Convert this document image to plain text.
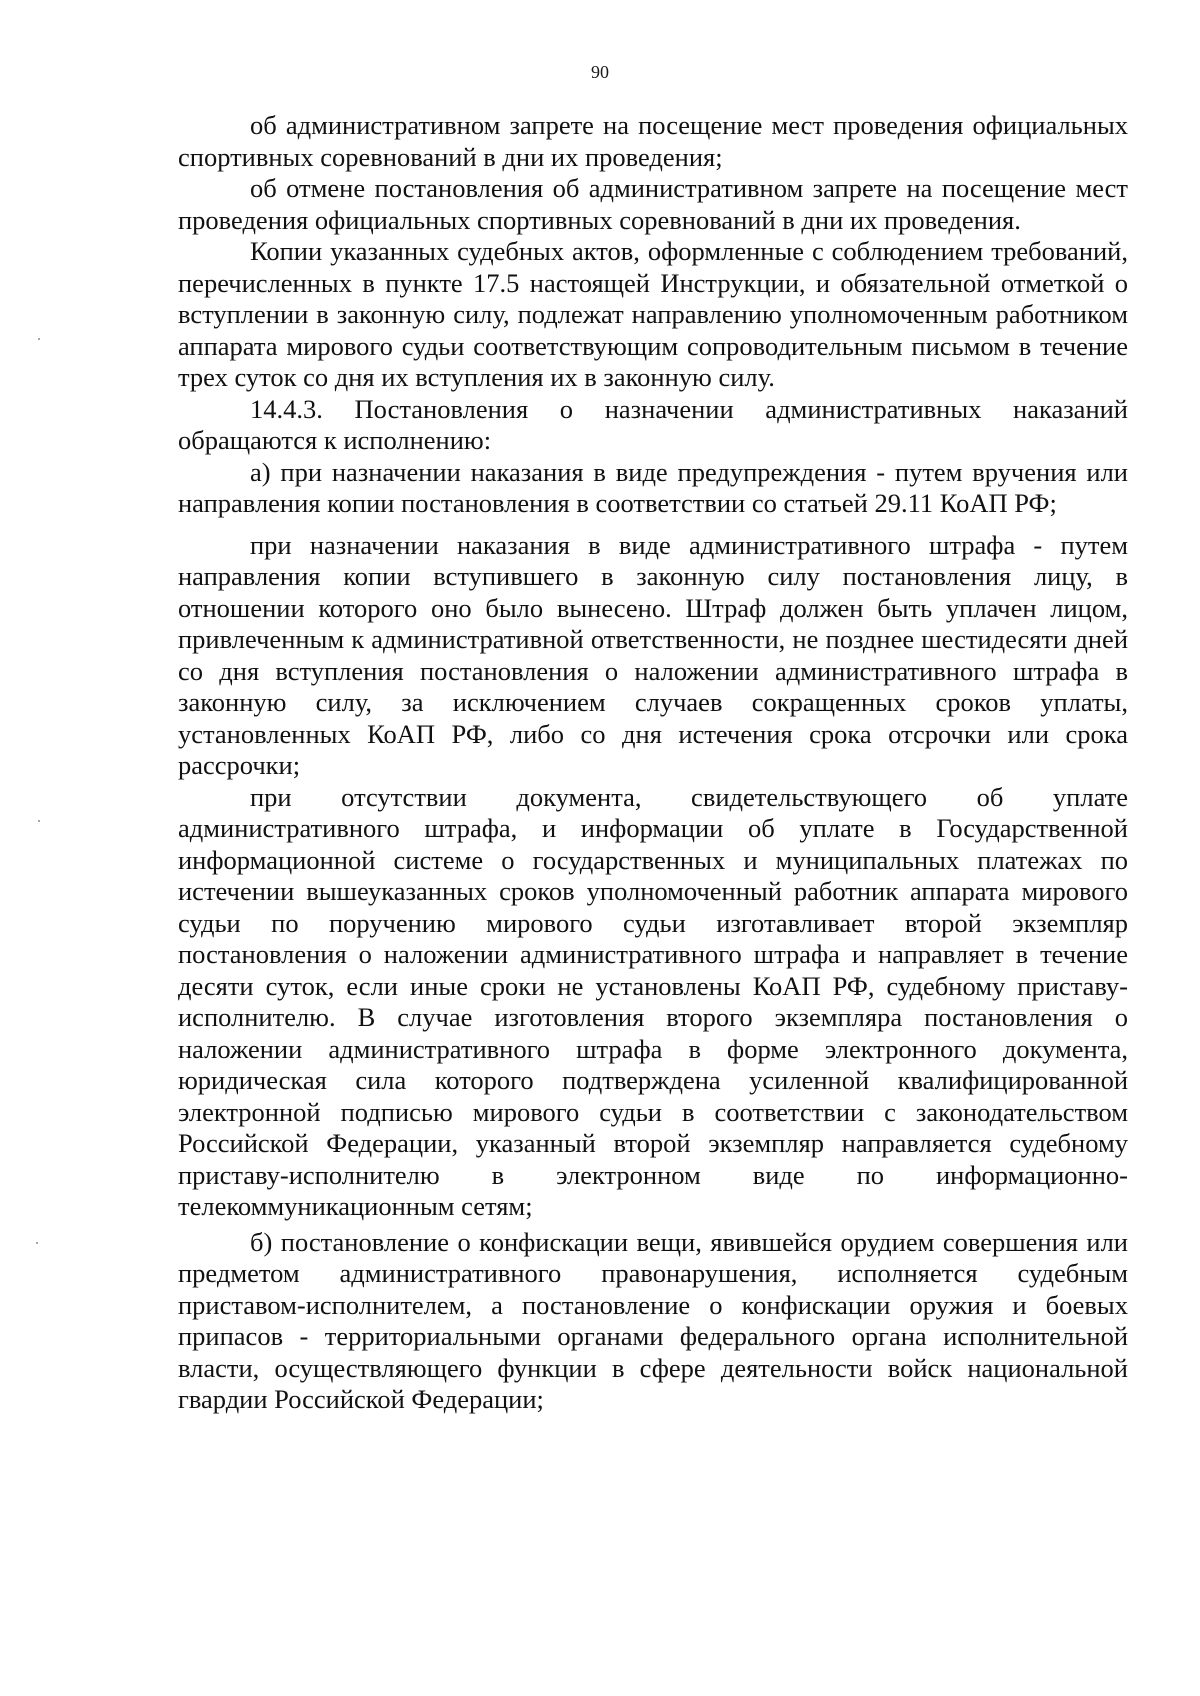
90

об административном запрете на посещение мест проведения официальных спортивных соревнований в дни их проведения;

об отмене постановления об административном запрете на посещение мест проведения официальных спортивных соревнований в дни их проведения.

Копии указанных судебных актов, оформленные с соблюдением требований, перечисленных в пункте 17.5 настоящей Инструкции, и обязательной отметкой о вступлении в законную силу, подлежат направлению уполномоченным работником аппарата мирового судьи соответствующим сопроводительным письмом в течение трех суток со дня их вступления их в законную силу.

14.4.3. Постановления о назначении административных наказаний обращаются к исполнению:

а) при назначении наказания в виде предупреждения - путем вручения или направления копии постановления в соответствии со статьей 29.11 КоАП РФ;

при назначении наказания в виде административного штрафа - путем направления копии вступившего в законную силу постановления лицу, в отношении которого оно было вынесено. Штраф должен быть уплачен лицом, привлеченным к административной ответственности, не позднее шестидесяти дней со дня вступления постановления о наложении административного штрафа в законную силу, за исключением случаев сокращенных сроков уплаты, установленных КоАП РФ, либо со дня истечения срока отсрочки или срока рассрочки;

при отсутствии документа, свидетельствующего об уплате административного штрафа, и информации об уплате в Государственной информационной системе о государственных и муниципальных платежах по истечении вышеуказанных сроков уполномоченный работник аппарата мирового судьи по поручению мирового судьи изготавливает второй экземпляр постановления о наложении административного штрафа и направляет в течение десяти суток, если иные сроки не установлены КоАП РФ, судебному приставу-исполнителю. В случае изготовления второго экземпляра постановления о наложении административного штрафа в форме электронного документа, юридическая сила которого подтверждена усиленной квалифицированной электронной подписью мирового судьи в соответствии с законодательством Российской Федерации, указанный второй экземпляр направляется судебному приставу-исполнителю в электронном виде по информационно-телекоммуникационным сетям;

б) постановление о конфискации вещи, явившейся орудием совершения или предметом административного правонарушения, исполняется судебным приставом-исполнителем, а постановление о конфискации оружия и боевых припасов - территориальными органами федерального органа исполнительной власти, осуществляющего функции в сфере деятельности войск национальной гвардии Российской Федерации;
